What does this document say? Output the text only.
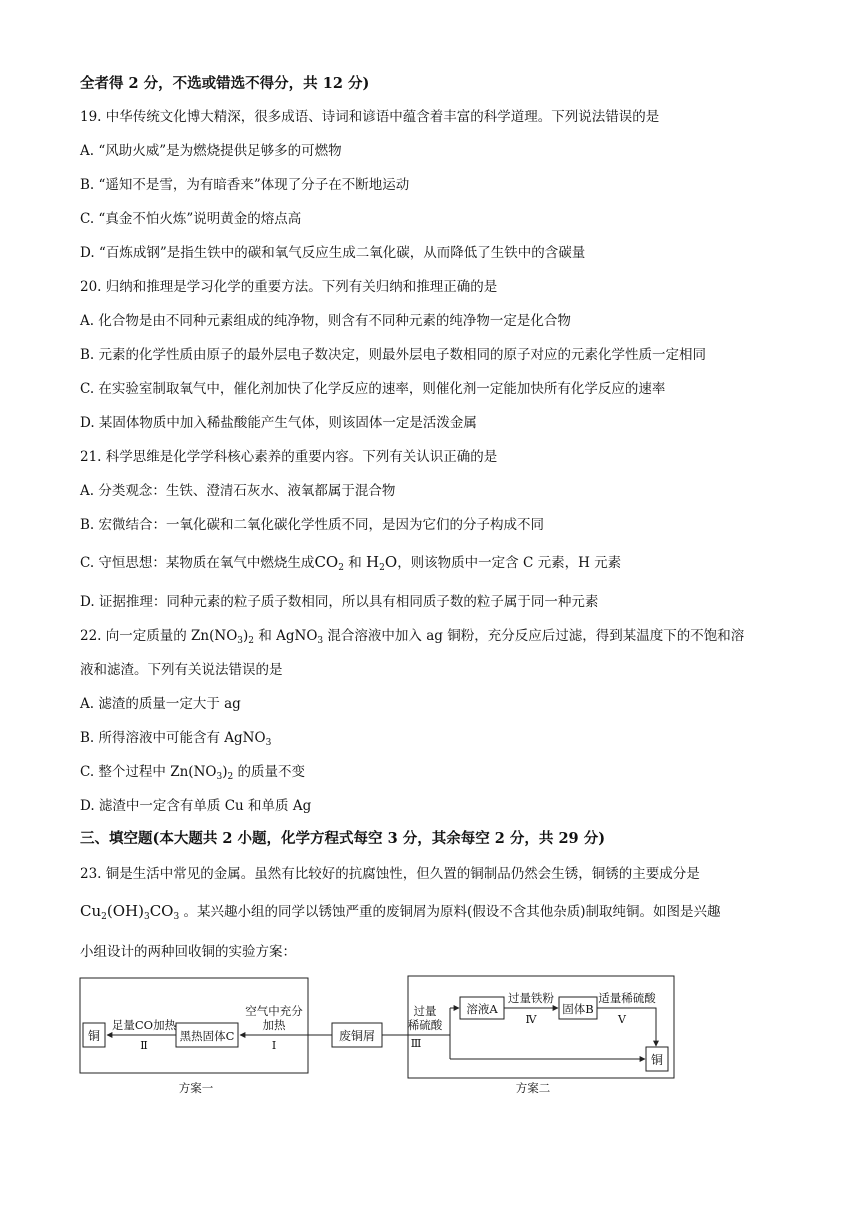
全者得 2 分，不选或错选不得分，共 12 分)
19. 中华传统文化博大精深，很多成语、诗词和谚语中蕴含着丰富的科学道理。下列说法错误的是
A. “风助火威”是为燃烧提供足够多的可燃物
B. “遥知不是雪，为有暗香来”体现了分子在不断地运动
C. “真金不怕火炼”说明黄金的熔点高
D. “百炼成钢”是指生铁中的碳和氧气反应生成二氧化碳，从而降低了生铁中的含碳量
20. 归纳和推理是学习化学的重要方法。下列有关归纳和推理正确的是
A. 化合物是由不同种元素组成的纯净物，则含有不同种元素的纯净物一定是化合物
B. 元素的化学性质由原子的最外层电子数决定，则最外层电子数相同的原子对应的元素化学性质一定相同
C. 在实验室制取氧气中，催化剂加快了化学反应的速率，则催化剂一定能加快所有化学反应的速率
D. 某固体物质中加入稀盐酸能产生气体，则该固体一定是活泼金属
21. 科学思维是化学学科核心素养的重要内容。下列有关认识正确的是
A. 分类观念：生铁、澄清石灰水、液氧都属于混合物
B. 宏微结合：一氧化碳和二氧化碳化学性质不同，是因为它们的分子构成不同
C. 守恒思想：某物质在氧气中燃烧生成$CO_2$ 和 $H_2O$，则该物质中一定含 C 元素，H 元素
D. 证据推理：同种元素的粒子质子数相同，所以具有相同质子数的粒子属于同一种元素
22. 向一定质量的 $Zn(NO_3)_2$ 和 AgNO$_3$ 混合溶液中加入 ag 铜粉，充分反应后过滤，得到某温度下的不饱和溶
液和滤渣。下列有关说法错误的是
A. 滤渣的质量一定大于 ag
B. 所得溶液中可能含有 AgNO$_3$
C. 整个过程中 $Zn(NO_3)_2$ 的质量不变
D. 滤渣中一定含有单质 Cu 和单质 Ag
三、填空题(本大题共 2 小题，化学方程式每空 3 分，其余每空 2 分，共 29 分)
23. 铜是生活中常见的金属。虽然有比较好的抗腐蚀性，但久置的铜制品仍然会生锈，铜锈的主要成分是
$Cu_2(OH)_3CO_3$ 。某兴趣小组的同学以锈蚀严重的废铜屑为原料(假设不含其他杂质)制取纯铜。如图是兴趣
小组设计的两种回收铜的实验方案：
铜
足量CO加热
Ⅱ
黑热固体C
空气中充分
加热
Ⅰ
废铜屑
过量
稀硫酸
Ⅲ
溶液A
过量铁粉
Ⅳ
固体B
适量稀硫酸
Ⅴ
铜
方案一	方案二
